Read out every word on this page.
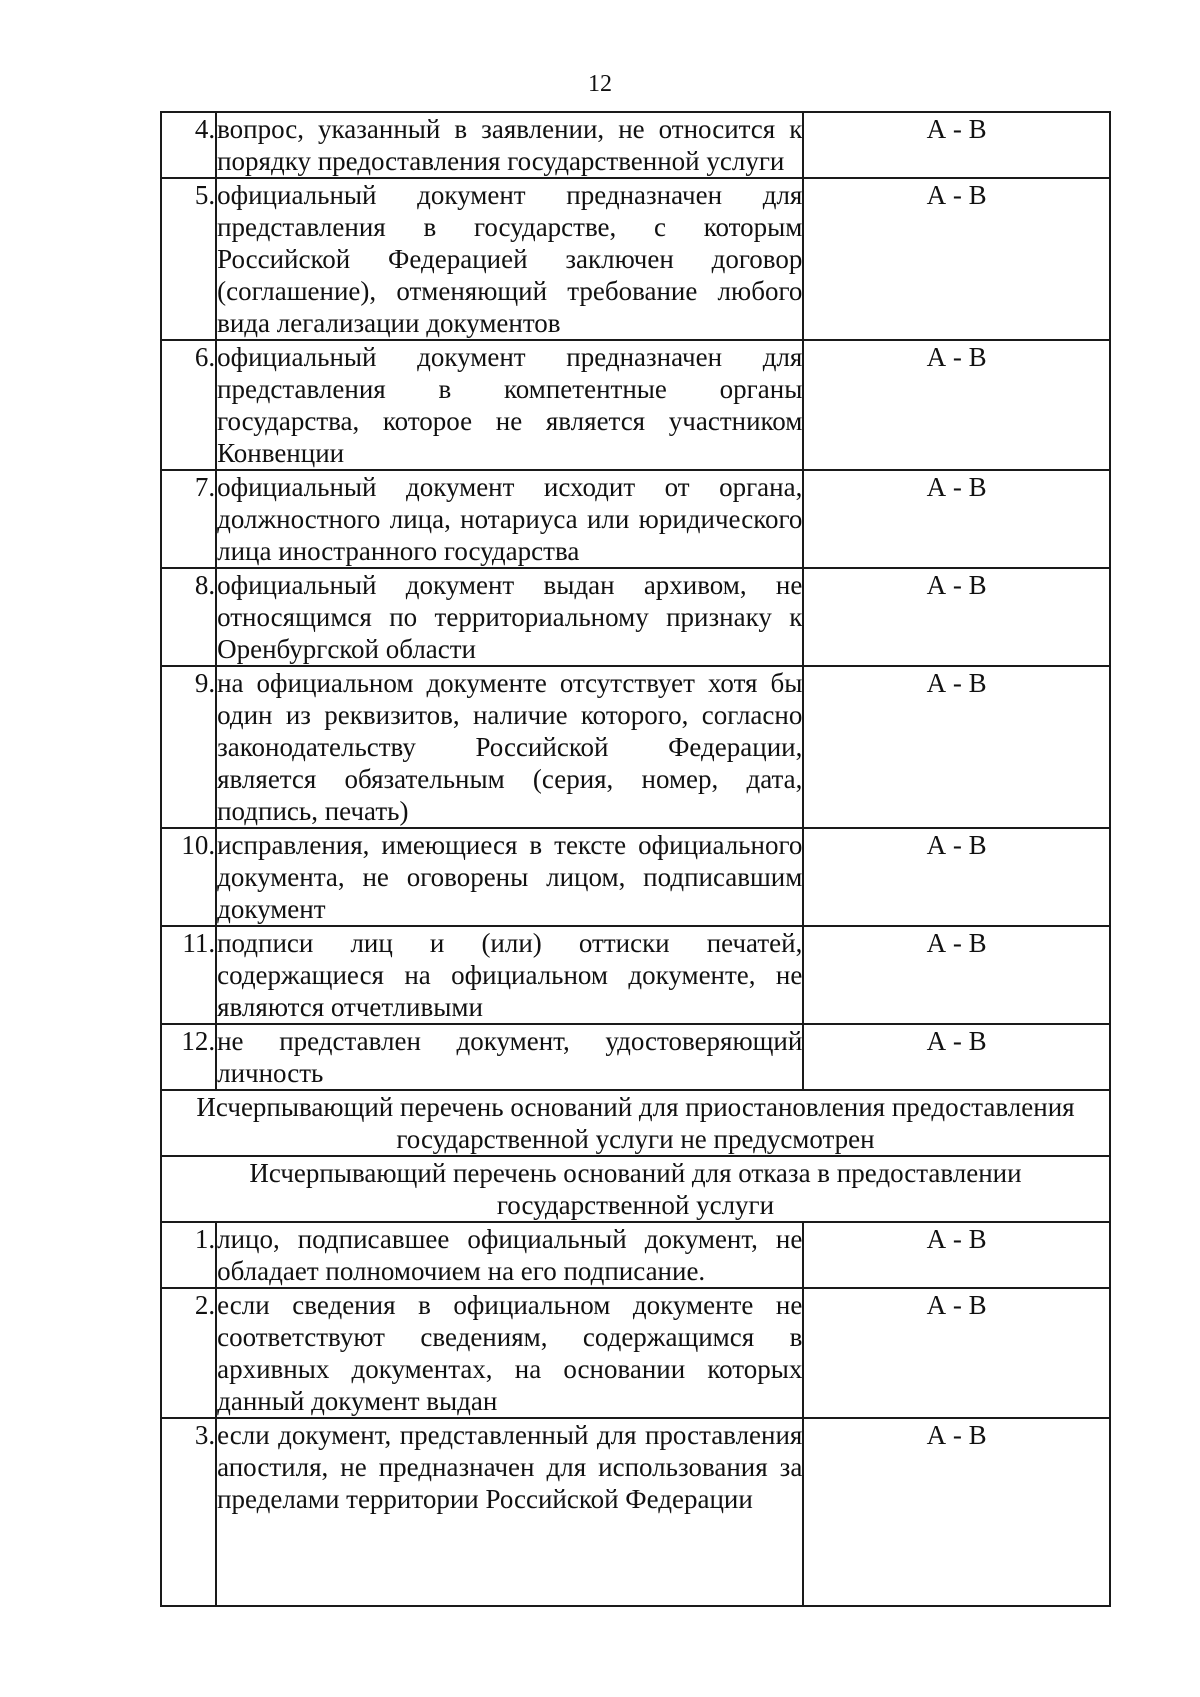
12
4.	вопрос, указанный в заявлении, не относится к порядку предоставления государственной услуги	А - В
5.	официальный документ предназначен для представления в государстве, с которым Российской Федерацией заключен договор (соглашение), отменяющий требование любого вида легализации документов	А - В
6.	официальный документ предназначен для представления в компетентные органы государства, которое не является участником Конвенции	А - В
7.	официальный документ исходит от органа, должностного лица, нотариуса или юридического лица иностранного государства	А - В
8.	официальный документ выдан архивом, не относящимся по территориальному признаку к Оренбургской области	А - В
9.	на официальном документе отсутствует хотя бы один из реквизитов, наличие которого, согласно законодательству Российской Федерации, является обязательным (серия, номер, дата, подпись, печать)	А - В
10.	исправления, имеющиеся в тексте официального документа, не оговорены лицом, подписавшим документ	А - В
11.	подписи лиц и (или) оттиски печатей, содержащиеся на официальном документе, не являются отчетливыми	А - В
12.	не представлен документ, удостоверяющий личность	А - В
Исчерпывающий перечень оснований для приостановления предоставления государственной услуги не предусмотрен		
Исчерпывающий перечень оснований для отказа в предоставлении государственной услуги		
1.	лицо, подписавшее официальный документ, не обладает полномочием на его подписание.	А - В
2.	если сведения в официальном документе не соответствуют сведениям, содержащимся в архивных документах, на основании которых данный документ выдан	А - В
3.	если документ, представленный для проставления апостиля, не предназначен для использования за пределами территории Российской Федерации	А - В
